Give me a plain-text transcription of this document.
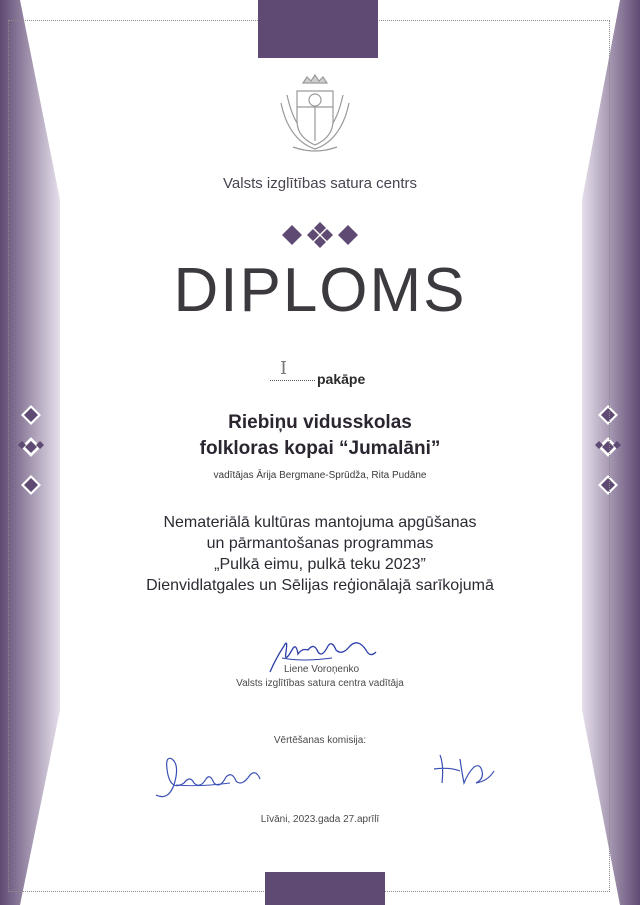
Valsts izglītības satura centrs
DIPLOMS
I pakāpe
Riebiņu vidusskolas
folkloras kopai “Jumalāni”
vadītājas Ārija Bergmane-Sprūdža, Rita Pudāne
Nemateriālā kultūras mantojuma apgūšanas
un pārmantošanas programmas
„Pulkā eimu, pulkā teku 2023”
Dienvidlatgales un Sēlijas reģionālajā sarīkojumā
Liene Voroņenko
Valsts izglītības satura centra vadītāja
Vērtēšanas komisija:
Līvāni, 2023.gada 27.aprīlī
